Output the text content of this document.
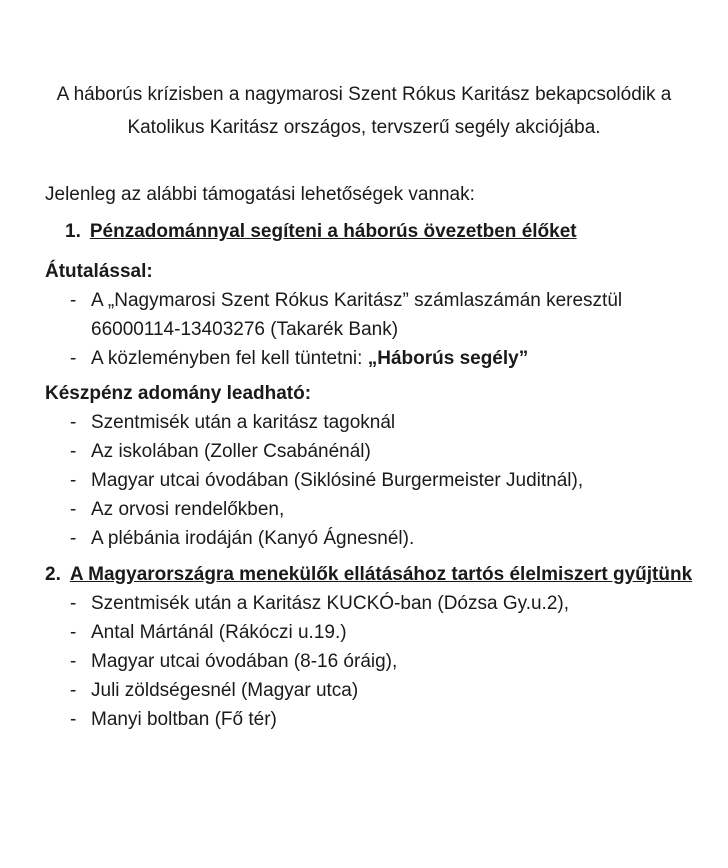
A háborús krízisben a nagymarosi Szent Rókus Karitász bekapcsolódik a
Katolikus Karitász országos, tervszerű segély akciójába.
Jelenleg az alábbi támogatási lehetőségek vannak:
1. Pénzadománnyal segíteni a háborús övezetben élőket
Átutalással:
- A „Nagymarosi Szent Rókus Karitász” számlaszámán keresztül
66000114-13403276 (Takarék Bank)
- A közleményben fel kell tüntetni: „Háborús segély”
Készpénz adomány leadható:
- Szentmisék után a karitász tagoknál
- Az iskolában (Zoller Csabánénál)
- Magyar utcai óvodában (Siklósiné Burgermeister Juditnál),
- Az orvosi rendelőkben,
- A plébánia irodáján (Kanyó Ágnesnél).
2. A Magyarországra menekülők ellátásához tartós élelmiszert gyűjtünk
- Szentmisék után a Karitász KUCKÓ-ban (Dózsa Gy.u.2),
- Antal Mártánál (Rákóczi u.19.)
- Magyar utcai óvodában (8-16 óráig),
- Juli zöldségesnél (Magyar utca)
- Manyi boltban (Fő tér)
